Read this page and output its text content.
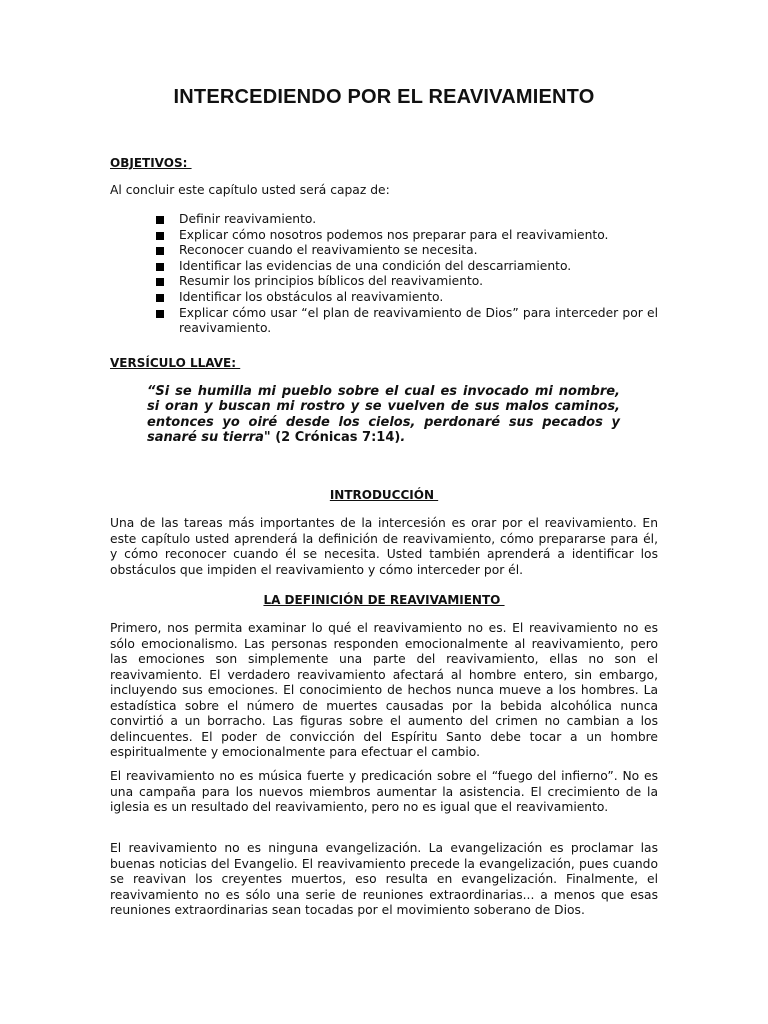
INTERCEDIENDO POR EL REAVIVAMIENTO
OBJETIVOS:

Al concluir este capítulo usted será capaz de:

Definir reavivamiento.
Explicar cómo nosotros podemos nos preparar para el reavivamiento.
Reconocer cuando el reavivamiento se necesita.
Identificar las evidencias de una condición del descarriamiento.
Resumir los principios bíblicos del reavivamiento.
Identificar los obstáculos al reavivamiento.
Explicar cómo usar “el plan de reavivamiento de Dios” para interceder por el reavivamiento.
VERSÍCULO LLAVE:

“Si se humilla mi pueblo sobre el cual es invocado mi nombre, si oran y buscan mi rostro y se vuelven de sus malos caminos, entonces yo oiré desde los cielos, perdonaré sus pecados y sanaré su tierra" (2 Crónicas 7:14).

INTRODUCCIÓN

Una de las tareas más importantes de la intercesión es orar por el reavivamiento. En este capítulo usted aprenderá la definición de reavivamiento, cómo prepararse para él, y cómo reconocer cuando él se necesita. Usted también aprenderá a identificar los obstáculos que impiden el reavivamiento y cómo interceder por él.

LA DEFINICIÓN DE REAVIVAMIENTO

Primero, nos permita examinar lo qué el reavivamiento no es. El reavivamiento no es sólo emocionalismo. Las personas responden emocionalmente al reavivamiento, pero las emociones son simplemente una parte del reavivamiento, ellas no son el reavivamiento. El verdadero reavivamiento afectará al hombre entero, sin embargo, incluyendo sus emociones. El conocimiento de hechos nunca mueve a los hombres. La estadística sobre el número de muertes causadas por la bebida alcohólica nunca convirtió a un borracho. Las figuras sobre el aumento del crimen no cambian a los delincuentes. El poder de convicción del Espíritu Santo debe tocar a un hombre espiritualmente y emocionalmente para efectuar el cambio.

El reavivamiento no es música fuerte y predicación sobre el “fuego del infierno”. No es una campaña para los nuevos miembros aumentar la asistencia. El crecimiento de la iglesia es un resultado del reavivamiento, pero no es igual que el reavivamiento.

El reavivamiento no es ninguna evangelización. La evangelización es proclamar las buenas noticias del Evangelio. El reavivamiento precede la evangelización, pues cuando se reavivan los creyentes muertos, eso resulta en evangelización. Finalmente, el reavivamiento no es sólo una serie de reuniones extraordinarias... a menos que esas reuniones extraordinarias sean tocadas por el movimiento soberano de Dios.
